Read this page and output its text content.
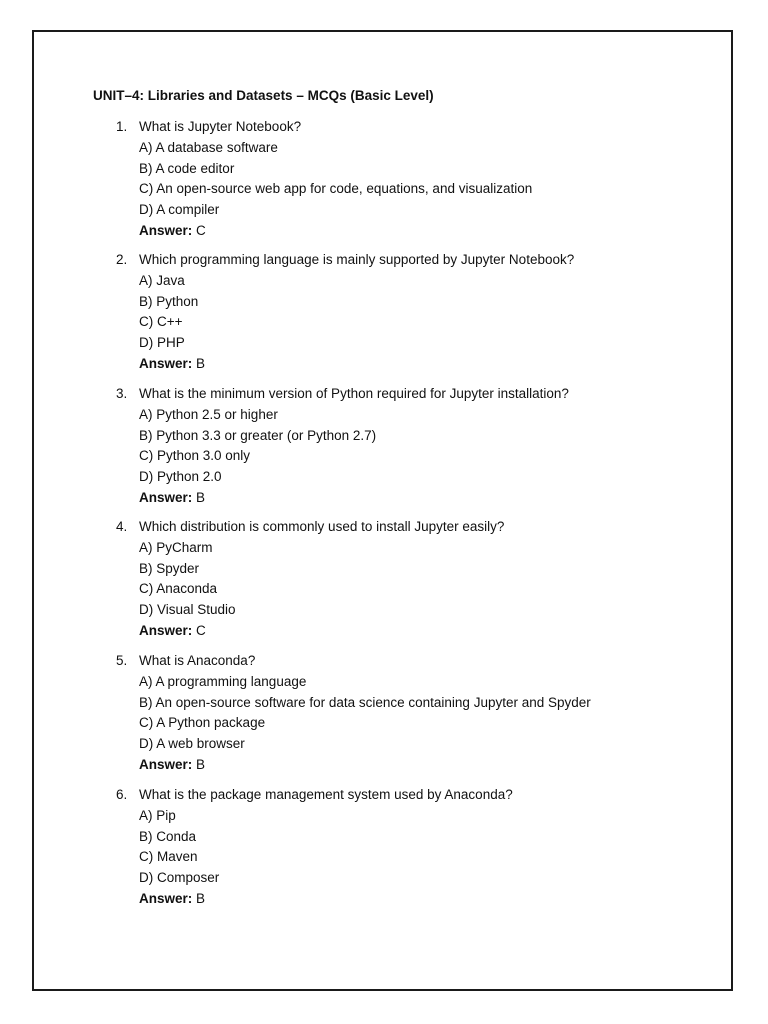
UNIT–4: Libraries and Datasets – MCQs (Basic Level)
1. What is Jupyter Notebook?
A) A database software
B) A code editor
C) An open-source web app for code, equations, and visualization
D) A compiler
Answer: C
2. Which programming language is mainly supported by Jupyter Notebook?
A) Java
B) Python
C) C++
D) PHP
Answer: B
3. What is the minimum version of Python required for Jupyter installation?
A) Python 2.5 or higher
B) Python 3.3 or greater (or Python 2.7)
C) Python 3.0 only
D) Python 2.0
Answer: B
4. Which distribution is commonly used to install Jupyter easily?
A) PyCharm
B) Spyder
C) Anaconda
D) Visual Studio
Answer: C
5. What is Anaconda?
A) A programming language
B) An open-source software for data science containing Jupyter and Spyder
C) A Python package
D) A web browser
Answer: B
6. What is the package management system used by Anaconda?
A) Pip
B) Conda
C) Maven
D) Composer
Answer: B
